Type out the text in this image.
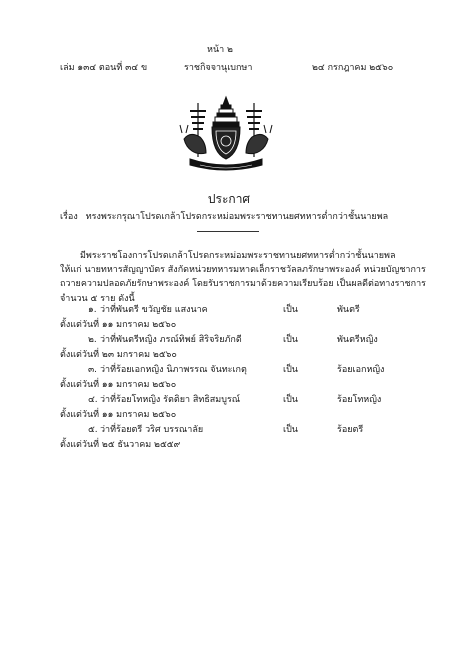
หน้า ๒
เล่ม ๑๓๔ ตอนที่ ๓๔ ข	ราชกิจจานุเบกษา	๒๔ กรกฎาคม ๒๕๖๐
ประกาศ
เรื่อง ทรงพระกรุณาโปรดเกล้าโปรดกระหม่อมพระราชทานยศทหารต่ำกว่าชั้นนายพล
มีพระราชโองการโปรดเกล้าโปรดกระหม่อมพระราชทานยศทหารต่ำกว่าชั้นนายพล
ให้แก่ นายทหารสัญญาบัตร สังกัดหน่วยทหารมหาดเล็กราชวัลลภรักษาพระองค์ หน่วยบัญชาการ
ถวายความปลอดภัยรักษาพระองค์ โดยรับราชการมาด้วยความเรียบร้อย เป็นผลดีต่อทางราชการ
จำนวน ๕ ราย ดังนี้
๑. ว่าที่พันตรี ขวัญชัย แสงนาค	เป็น	พันตรี
ตั้งแต่วันที่ ๑๑ มกราคม ๒๕๖๐
๒. ว่าที่พันตรีหญิง ภรณ์ทิพย์ สิริจริยภักดี	เป็น	พันตรีหญิง
ตั้งแต่วันที่ ๒๓ มกราคม ๒๕๖๐
๓. ว่าที่ร้อยเอกหญิง นิภาพรรณ จันทะเกตุ	เป็น	ร้อยเอกหญิง
ตั้งแต่วันที่ ๑๑ มกราคม ๒๕๖๐
๔. ว่าที่ร้อยโทหญิง รัตติยา สิทธิสมบูรณ์	เป็น	ร้อยโทหญิง
ตั้งแต่วันที่ ๑๑ มกราคม ๒๕๖๐
๕. ว่าที่ร้อยตรี วริศ บรรณาลัย	เป็น	ร้อยตรี
ตั้งแต่วันที่ ๒๕ ธันวาคม ๒๕๕๙
